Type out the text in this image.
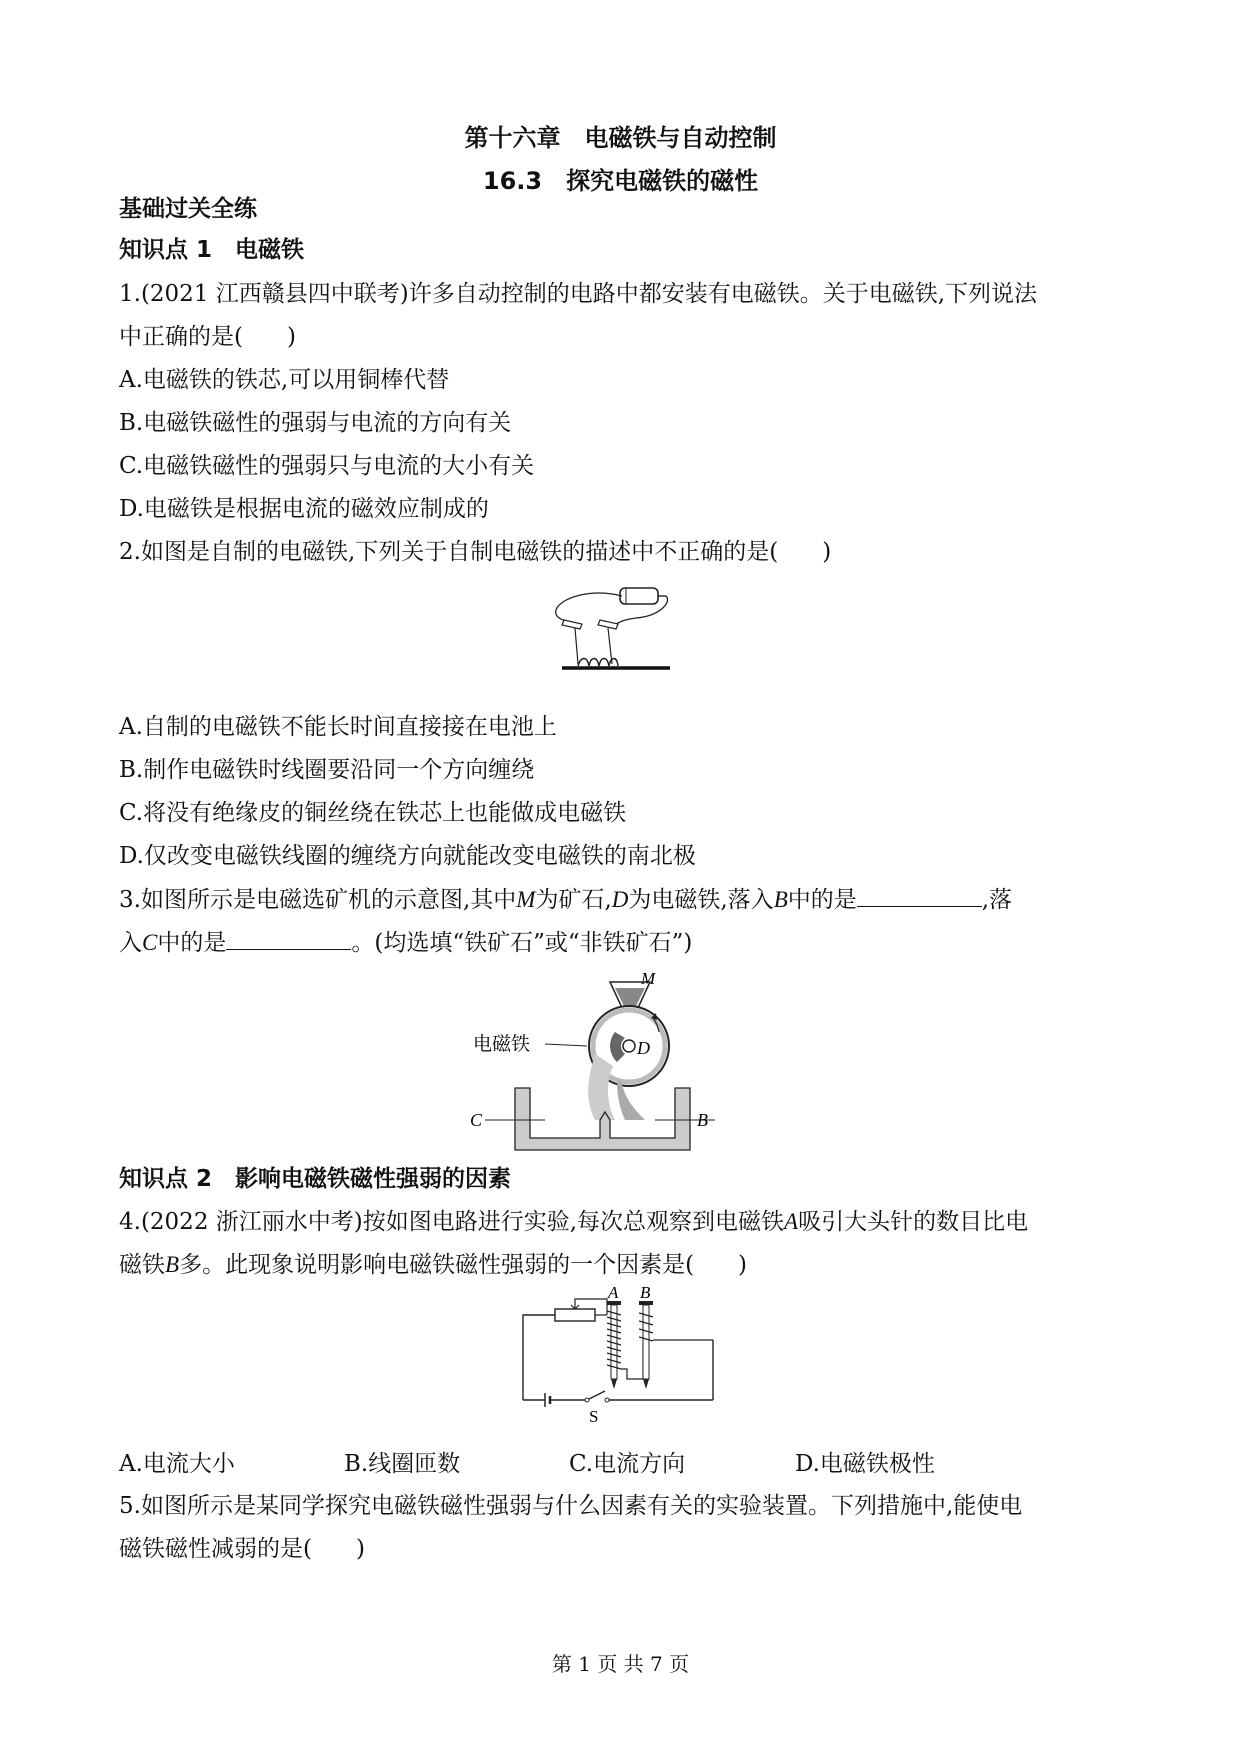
第十六章　电磁铁与自动控制
16.3　探究电磁铁的磁性
基础过关全练
知识点 1　电磁铁
1.(2021 江西赣县四中联考)许多自动控制的电路中都安装有电磁铁。关于电磁铁,下列说法
中正确的是( )
A.电磁铁的铁芯,可以用铜棒代替
B.电磁铁磁性的强弱与电流的方向有关
C.电磁铁磁性的强弱只与电流的大小有关
D.电磁铁是根据电流的磁效应制成的
2.如图是自制的电磁铁,下列关于自制电磁铁的描述中不正确的是( )
A.自制的电磁铁不能长时间直接接在电池上
B.制作电磁铁时线圈要沿同一个方向缠绕
C.将没有绝缘皮的铜丝绕在铁芯上也能做成电磁铁
D.仅改变电磁铁线圈的缠绕方向就能改变电磁铁的南北极
3.如图所示是电磁选矿机的示意图,其中M为矿石,D为电磁铁,落入B中的是	,落
入C中的是	。(均选填“铁矿石”或“非铁矿石”)
M
D
电磁铁
C	B
知识点 2　影响电磁铁磁性强弱的因素
4.(2022 浙江丽水中考)按如图电路进行实验,每次总观察到电磁铁A吸引大头针的数目比电
磁铁B多。此现象说明影响电磁铁磁性强弱的一个因素是( )
S
A B
A.电流大小	B.线圈匝数	C.电流方向	D.电磁铁极性
5.如图所示是某同学探究电磁铁磁性强弱与什么因素有关的实验装置。下列措施中,能使电
磁铁磁性减弱的是( )
第 1 页 共 7 页
